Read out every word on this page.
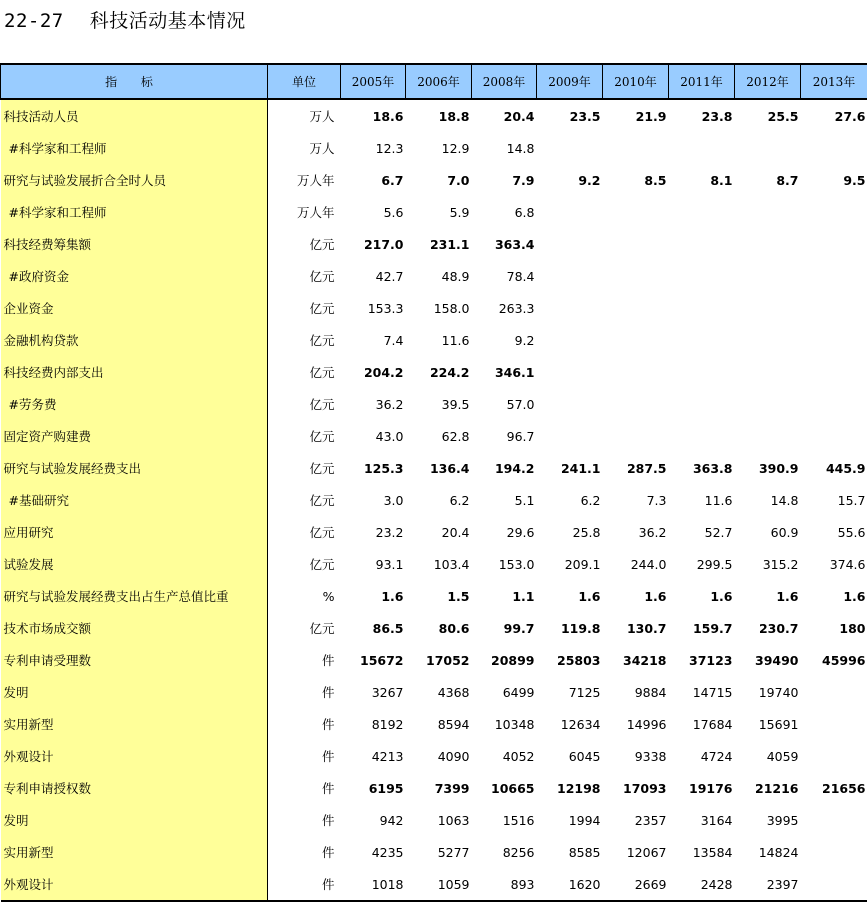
22-27 科技活动基本情况
指 标	单位	2005年	2006年	2008年	2009年	2010年	2011年	2012年	2013年
科技活动人员	万人	18.6	18.8	20.4	23.5	21.9	23.8	25.5	27.6
#科学家和工程师	万人	12.3	12.9	14.8					
研究与试验发展折合全时人员	万人年	6.7	7.0	7.9	9.2	8.5	8.1	8.7	9.5
#科学家和工程师	万人年	5.6	5.9	6.8					
科技经费筹集额	亿元	217.0	231.1	363.4					
#政府资金	亿元	42.7	48.9	78.4					
企业资金	亿元	153.3	158.0	263.3					
金融机构贷款	亿元	7.4	11.6	9.2					
科技经费内部支出	亿元	204.2	224.2	346.1					
#劳务费	亿元	36.2	39.5	57.0					
固定资产购建费	亿元	43.0	62.8	96.7					
研究与试验发展经费支出	亿元	125.3	136.4	194.2	241.1	287.5	363.8	390.9	445.9
#基础研究	亿元	3.0	6.2	5.1	6.2	7.3	11.6	14.8	15.7
应用研究	亿元	23.2	20.4	29.6	25.8	36.2	52.7	60.9	55.6
试验发展	亿元	93.1	103.4	153.0	209.1	244.0	299.5	315.2	374.6
研究与试验发展经费支出占生产总值比重	%	1.6	1.5	1.1	1.6	1.6	1.6	1.6	1.6
技术市场成交额	亿元	86.5	80.6	99.7	119.8	130.7	159.7	230.7	180
专利申请受理数	件	15672	17052	20899	25803	34218	37123	39490	45996
发明	件	3267	4368	6499	7125	9884	14715	19740	
实用新型	件	8192	8594	10348	12634	14996	17684	15691	
外观设计	件	4213	4090	4052	6045	9338	4724	4059	
专利申请授权数	件	6195	7399	10665	12198	17093	19176	21216	21656
发明	件	942	1063	1516	1994	2357	3164	3995	
实用新型	件	4235	5277	8256	8585	12067	13584	14824	
外观设计	件	1018	1059	893	1620	2669	2428	2397	
